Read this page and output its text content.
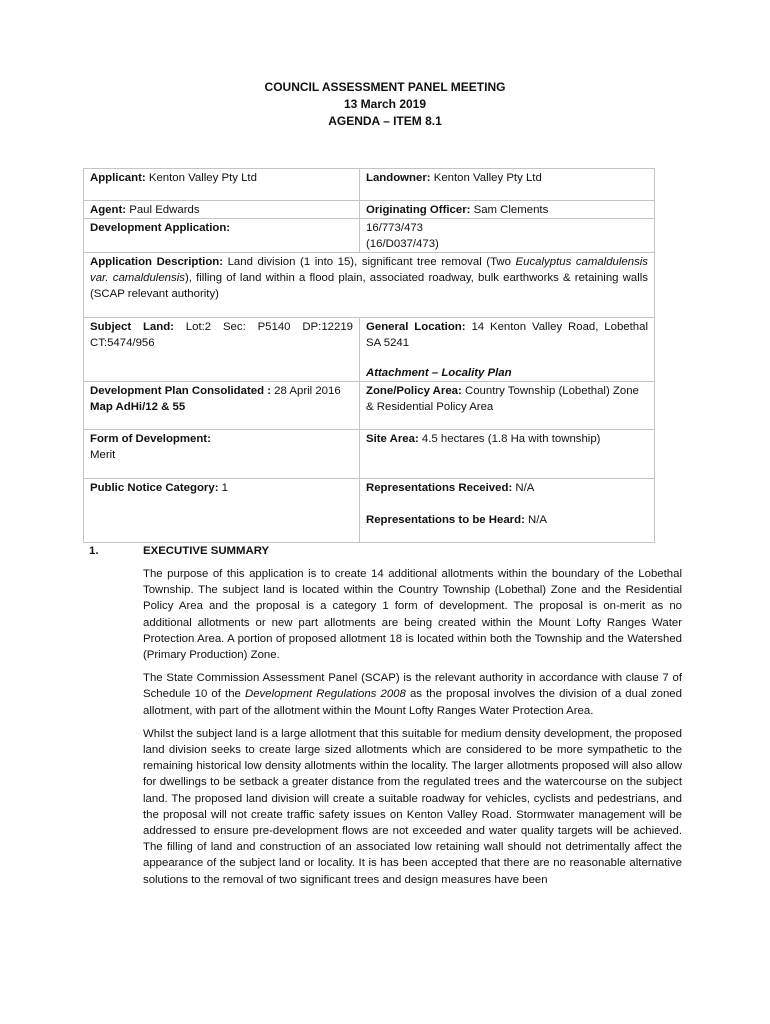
COUNCIL ASSESSMENT PANEL MEETING
13 March 2019
AGENDA – ITEM 8.1
Applicant: Kenton Valley Pty Ltd	Landowner: Kenton Valley Pty Ltd
Agent: Paul Edwards	Originating Officer: Sam Clements
Development Application:	16/773/473
(16/D037/473)

Application Description: Land division (1 into 15), significant tree removal (Two Eucalyptus camaldulensis var. camaldulensis), filling of land within a flood plain, associated roadway, bulk earthworks & retaining walls (SCAP relevant authority)	
Subject Land: Lot:2 Sec: P5140 DP:12219 CT:5474/956	General Location: 14 Kenton Valley Road, Lobethal SA 5241
Attachment – Locality Plan

Development Plan Consolidated : 28 April 2016
Map AdHi/12 & 55	Zone/Policy Area: Country Township (Lobethal) Zone & Residential Policy Area

Form of Development:
Merit	Site Area: 4.5 hectares (1.8 Ha with township)
Public Notice Category: 1	Representations Received: N/A
Representations to be Heard: N/A
1.	EXECUTIVE SUMMARY

The purpose of this application is to create 14 additional allotments within the boundary of the Lobethal Township. The subject land is located within the Country Township (Lobethal) Zone and the Residential Policy Area and the proposal is a category 1 form of development. The proposal is on-merit as no additional allotments or new part allotments are being created within the Mount Lofty Ranges Water Protection Area. A portion of proposed allotment 18 is located within both the Township and the Watershed (Primary Production) Zone.

The State Commission Assessment Panel (SCAP) is the relevant authority in accordance with clause 7 of Schedule 10 of the Development Regulations 2008 as the proposal involves the division of a dual zoned allotment, with part of the allotment within the Mount Lofty Ranges Water Protection Area.

Whilst the subject land is a large allotment that this suitable for medium density development, the proposed land division seeks to create large sized allotments which are considered to be more sympathetic to the remaining historical low density allotments within the locality. The larger allotments proposed will also allow for dwellings to be setback a greater distance from the regulated trees and the watercourse on the subject land. The proposed land division will create a suitable roadway for vehicles, cyclists and pedestrians, and the proposal will not create traffic safety issues on Kenton Valley Road. Stormwater management will be addressed to ensure pre-development flows are not exceeded and water quality targets will be achieved. The filling of land and construction of an associated low retaining wall should not detrimentally affect the appearance of the subject land or locality. It is has been accepted that there are no reasonable alternative solutions to the removal of two significant trees and design measures have been
